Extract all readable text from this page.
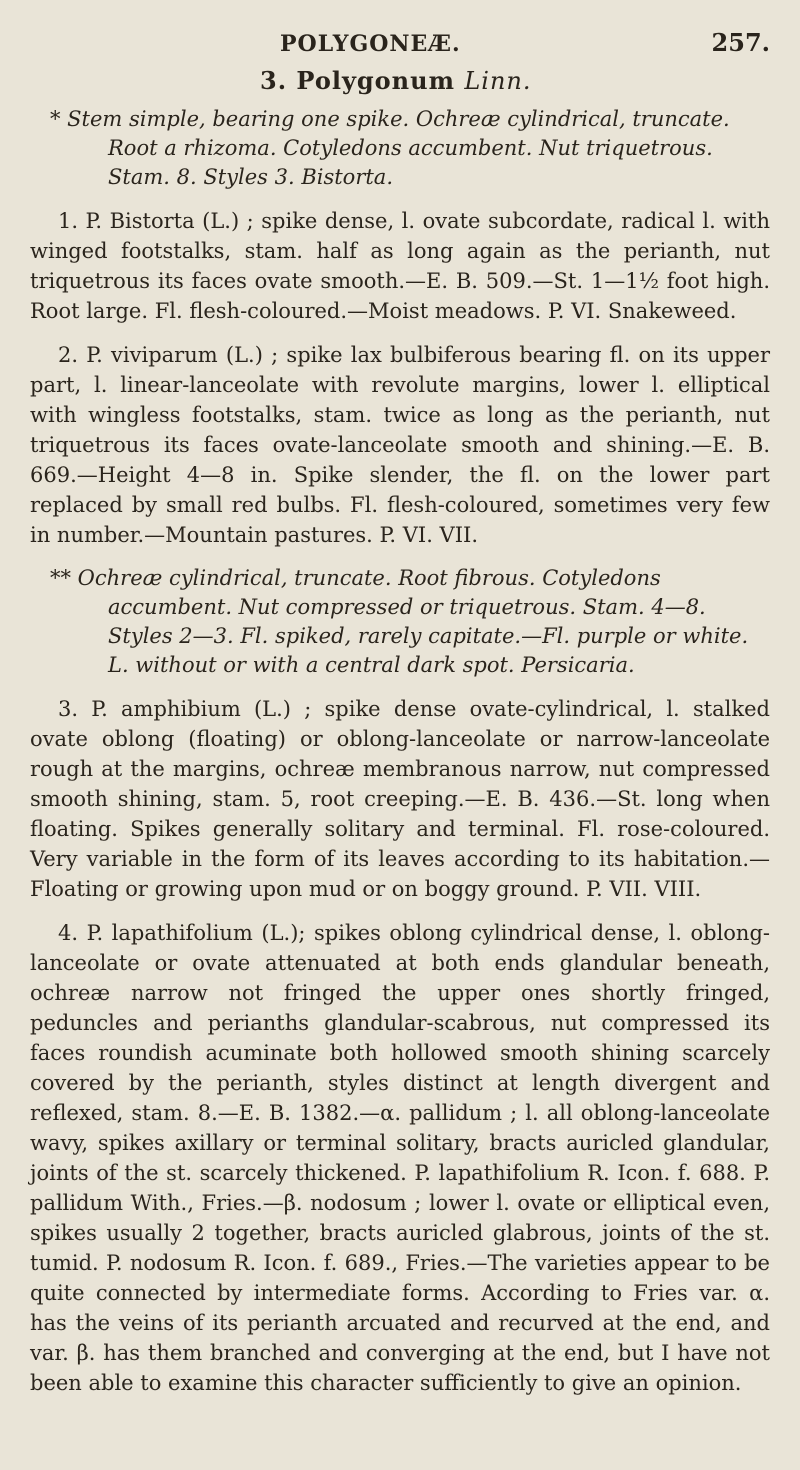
POLYGONEÆ.	257.
3. Polygonum Linn.

* Stem simple, bearing one spike. Ochreæ cylindrical, truncate. Root a rhizoma. Cotyledons accumbent. Nut triquetrous. Stam. 8. Styles 3. Bistorta.

1. P. Bistorta (L.) ; spike dense, l. ovate subcordate, radical l. with winged footstalks, stam. half as long again as the perianth, nut triquetrous its faces ovate smooth.—E. B. 509.—St. 1—1½ foot high. Root large. Fl. flesh-coloured.—Moist meadows. P. VI. Snakeweed.

2. P. viviparum (L.) ; spike lax bulbiferous bearing fl. on its upper part, l. linear-lanceolate with revolute margins, lower l. elliptical with wingless footstalks, stam. twice as long as the perianth, nut triquetrous its faces ovate-lanceolate smooth and shining.—E. B. 669.—Height 4—8 in. Spike slender, the fl. on the lower part replaced by small red bulbs. Fl. flesh-coloured, sometimes very few in number.—Mountain pastures. P. VI. VII.

** Ochreæ cylindrical, truncate. Root fibrous. Cotyledons accumbent. Nut compressed or triquetrous. Stam. 4—8. Styles 2—3. Fl. spiked, rarely capitate.—Fl. purple or white. L. without or with a central dark spot. Persicaria.

3. P. amphibium (L.) ; spike dense ovate-cylindrical, l. stalked ovate oblong (floating) or oblong-lanceolate or narrow-lanceolate rough at the margins, ochreæ membranous narrow, nut compressed smooth shining, stam. 5, root creeping.—E. B. 436.—St. long when floating. Spikes generally solitary and terminal. Fl. rose-coloured. Very variable in the form of its leaves according to its habitation.—Floating or growing upon mud or on boggy ground. P. VII. VIII.

4. P. lapathifolium (L.); spikes oblong cylindrical dense, l. oblong-lanceolate or ovate attenuated at both ends glandular beneath, ochreæ narrow not fringed the upper ones shortly fringed, peduncles and perianths glandular-scabrous, nut compressed its faces roundish acuminate both hollowed smooth shining scarcely covered by the perianth, styles distinct at length divergent and reflexed, stam. 8.—E. B. 1382.—α. pallidum ; l. all oblong-lanceolate wavy, spikes axillary or terminal solitary, bracts auricled glandular, joints of the st. scarcely thickened. P. lapathifolium R. Icon. f. 688. P. pallidum With., Fries.—β. nodosum ; lower l. ovate or elliptical even, spikes usually 2 together, bracts auricled glabrous, joints of the st. tumid. P. nodosum R. Icon. f. 689., Fries.—The varieties appear to be quite connected by intermediate forms. According to Fries var. α. has the veins of its perianth arcuated and recurved at the end, and var. β. has them branched and converging at the end, but I have not been able to examine this character sufficiently to give an opinion.
